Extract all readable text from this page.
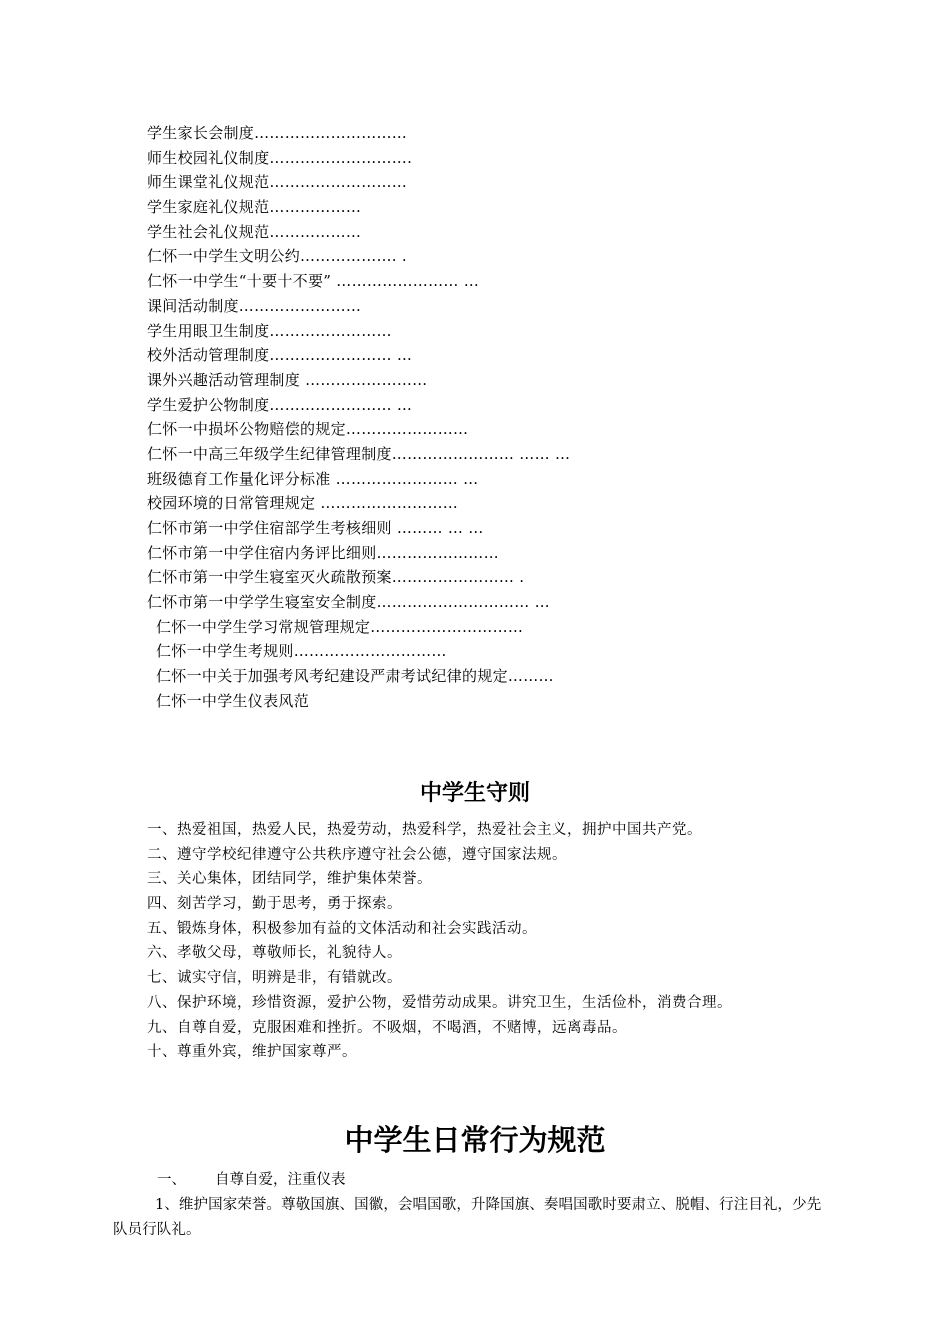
学生家长会制度…………………………
师生校园礼仪制度……………………….
师生课堂礼仪规范………………………
学生家庭礼仪规范………………
学生社会礼仪规范………………
仁怀一中学生文明公约………………. .
仁怀一中学生“十要十不要” …………………… …
课间活动制度……………………
学生用眼卫生制度……………………
校外活动管理制度…………………… …
课外兴趣活动管理制度 ……………………
学生爱护公物制度…………………… …
仁怀一中损坏公物赔偿的规定……………………
仁怀一中高三年级学生纪律管理制度…………………… …… …
班级德育工作量化评分标准 …………………… …
校园环境的日常管理规定 ………………………
仁怀市第一中学住宿部学生考核细则 ……… … …
仁怀市第一中学住宿内务评比细则……………………
仁怀市第一中学生寝室灭火疏散预案…………………… .
仁怀市第一中学学生寝室安全制度………………………… …
仁怀一中学生学习常规管理规定…………………………
仁怀一中学生考规则…………………………
仁怀一中关于加强考风考纪建设严肃考试纪律的规定………
仁怀一中学生仪表风范
中学生守则
一、热爱祖国，热爱人民，热爱劳动，热爱科学，热爱社会主义，拥护中国共产党。
二、遵守学校纪律遵守公共秩序遵守社会公德，遵守国家法规。
三、关心集体，团结同学，维护集体荣誉。
四、刻苦学习，勤于思考，勇于探索。
五、锻炼身体，积极参加有益的文体活动和社会实践活动。
六、孝敬父母，尊敬师长，礼貌待人。
七、诚实守信，明辨是非，有错就改。
八、保护环境，珍惜资源，爱护公物，爱惜劳动成果。讲究卫生，生活俭朴，消费合理。
九、自尊自爱，克服困难和挫折。不吸烟，不喝酒，不赌博，远离毒品。
十、尊重外宾，维护国家尊严。
中学生日常行为规范
一、 自尊自爱，注重仪表
1、维护国家荣誉。尊敬国旗、国徽，会唱国歌，升降国旗、奏唱国歌时要肃立、脱帽、行注目礼，少先队员行队礼。
